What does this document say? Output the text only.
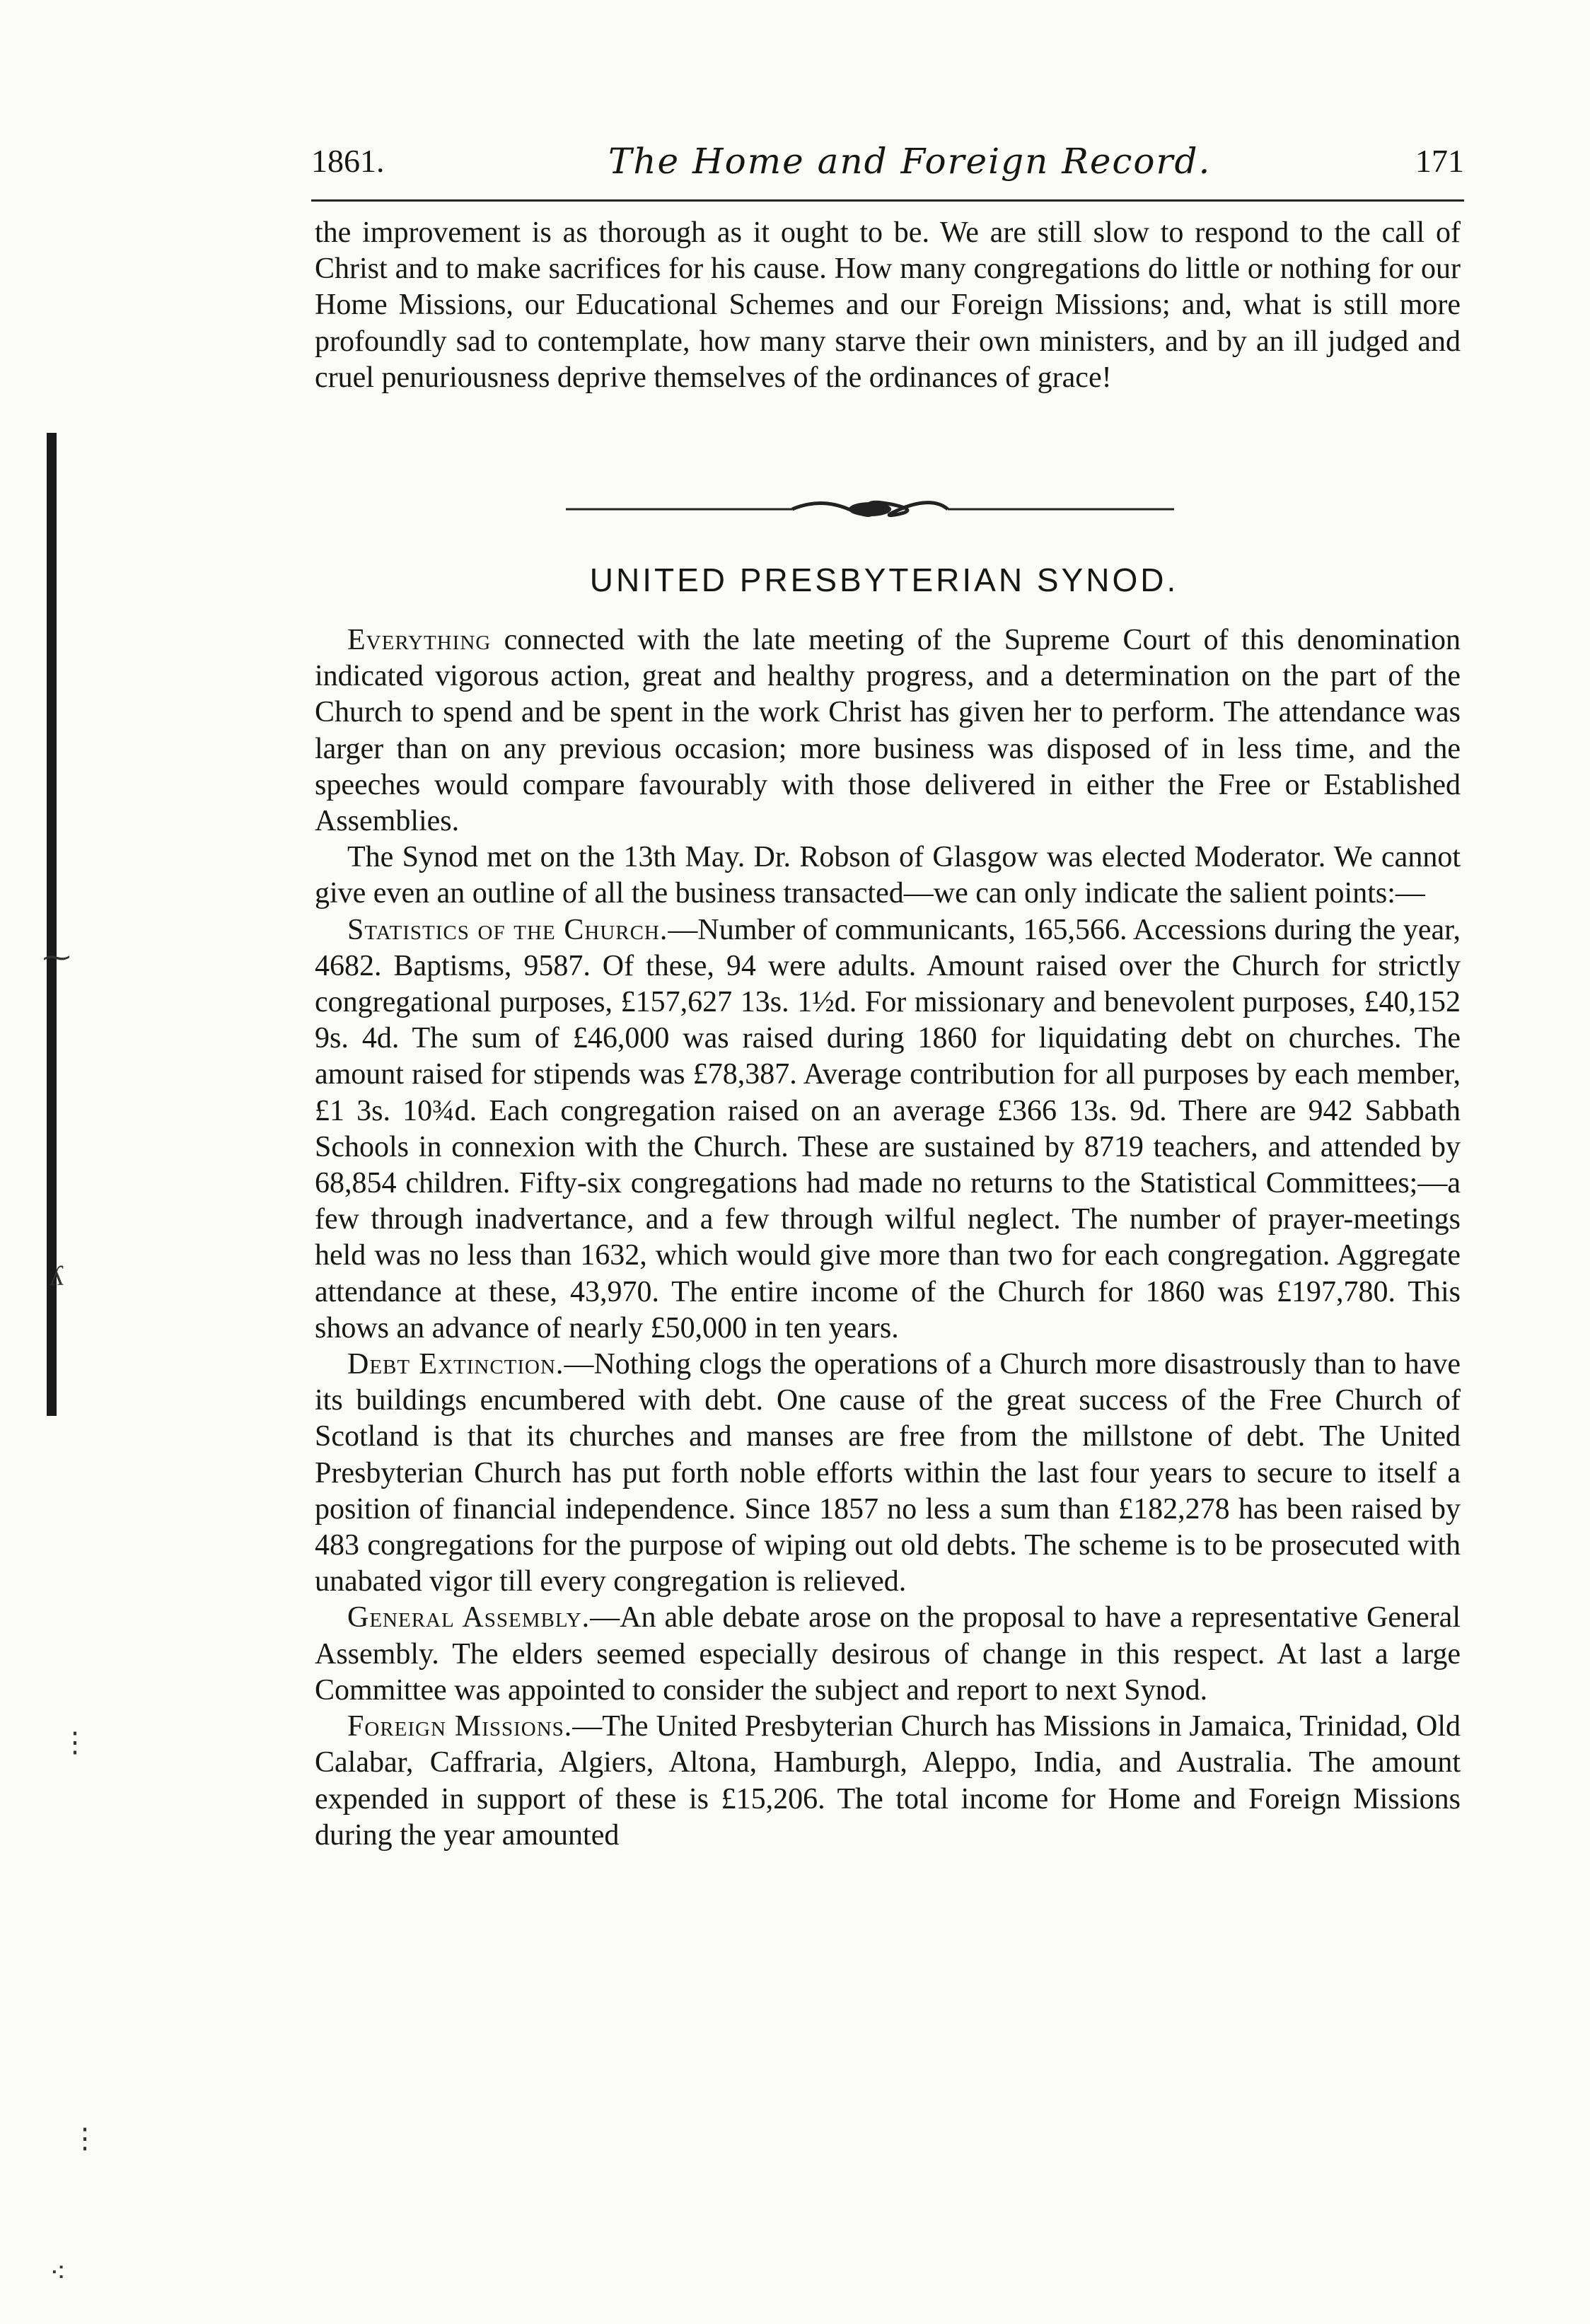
1861.	The Home and Foreign Record.	171

the improvement is as thorough as it ought to be. We are still slow to respond to the call of Christ and to make sacrifices for his cause. How many congregations do little or nothing for our Home Missions, our Educational Schemes and our Foreign Missions; and, what is still more profoundly sad to contemplate, how many starve their own ministers, and by an ill judged and cruel penuriousness deprive themselves of the ordinances of grace!

UNITED PRESBYTERIAN SYNOD.

Everything connected with the late meeting of the Supreme Court of this denomination indicated vigorous action, great and healthy progress, and a determination on the part of the Church to spend and be spent in the work Christ has given her to perform. The attendance was larger than on any previous occasion; more business was disposed of in less time, and the speeches would compare favourably with those delivered in either the Free or Established Assemblies.

The Synod met on the 13th May. Dr. Robson of Glasgow was elected Moderator. We cannot give even an outline of all the business transacted—we can only indicate the salient points:—

Statistics of the Church.—Number of communicants, 165,566. Accessions during the year, 4682. Baptisms, 9587. Of these, 94 were adults. Amount raised over the Church for strictly congregational purposes, £157,627 13s. 1½d. For missionary and benevolent purposes, £40,152 9s. 4d. The sum of £46,000 was raised during 1860 for liquidating debt on churches. The amount raised for stipends was £78,387. Average contribution for all purposes by each member, £1 3s. 10¾d. Each congregation raised on an average £366 13s. 9d. There are 942 Sabbath Schools in connexion with the Church. These are sustained by 8719 teachers, and attended by 68,854 children. Fifty-six congregations had made no returns to the Statistical Committees;—a few through inadvertance, and a few through wilful neglect. The number of prayer-meetings held was no less than 1632, which would give more than two for each congregation. Aggregate attendance at these, 43,970. The entire income of the Church for 1860 was £197,780. This shows an advance of nearly £50,000 in ten years.

Debt Extinction.—Nothing clogs the operations of a Church more disastrously than to have its buildings encumbered with debt. One cause of the great success of the Free Church of Scotland is that its churches and manses are free from the millstone of debt. The United Presbyterian Church has put forth noble efforts within the last four years to secure to itself a position of financial independence. Since 1857 no less a sum than £182,278 has been raised by 483 congregations for the purpose of wiping out old debts. The scheme is to be prosecuted with unabated vigor till every congregation is relieved.

General Assembly.—An able debate arose on the proposal to have a representative General Assembly. The elders seemed especially desirous of change in this respect. At last a large Committee was appointed to consider the subject and report to next Synod.

Foreign Missions.—The United Presbyterian Church has Missions in Jamaica, Trinidad, Old Calabar, Caffraria, Algiers, Altona, Hamburgh, Aleppo, India, and Australia. The amount expended in support of these is £15,206. The total income for Home and Foreign Missions during the year amounted

⁓
ʎ
⋮
⋮
⁖
